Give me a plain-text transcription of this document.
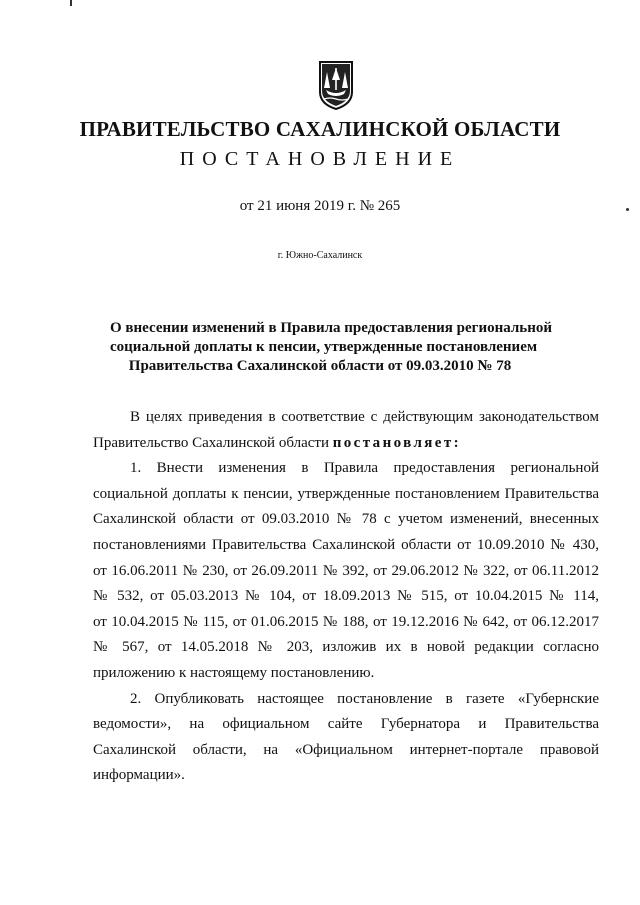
ПРАВИТЕЛЬСТВО САХАЛИНСКОЙ ОБЛАСТИ
ПОСТАНОВЛЕНИЕ
от 21 июня 2019 г. № 265
г. Южно-Сахалинск
О внесении изменений в Правила предоставления региональной
социальной доплаты к пенсии, утвержденные постановлением
Правительства Сахалинской области от 09.03.2010 № 78
В целях приведения в соответствие с действующим законодательством
Правительство Сахалинской области постановляет:
1. Внести изменения в Правила предоставления региональной
социальной доплаты к пенсии, утвержденные постановлением Правительства
Сахалинской области от 09.03.2010 № 78 с учетом изменений, внесенных
постановлениями Правительства Сахалинской области от 10.09.2010 № 430,
от 16.06.2011 № 230, от 26.09.2011 № 392, от 29.06.2012 № 322, от 06.11.2012
№ 532, от 05.03.2013 № 104, от 18.09.2013 № 515, от 10.04.2015 № 114,
от 10.04.2015 № 115, от 01.06.2015 № 188, от 19.12.2016 № 642, от 06.12.2017
№ 567, от 14.05.2018 № 203, изложив их в новой редакции согласно
приложению к настоящему постановлению.
2. Опубликовать настоящее постановление в газете «Губернские
ведомости», на официальном сайте Губернатора и Правительства
Сахалинской области, на «Официальном интернет-портале правовой
информации».
